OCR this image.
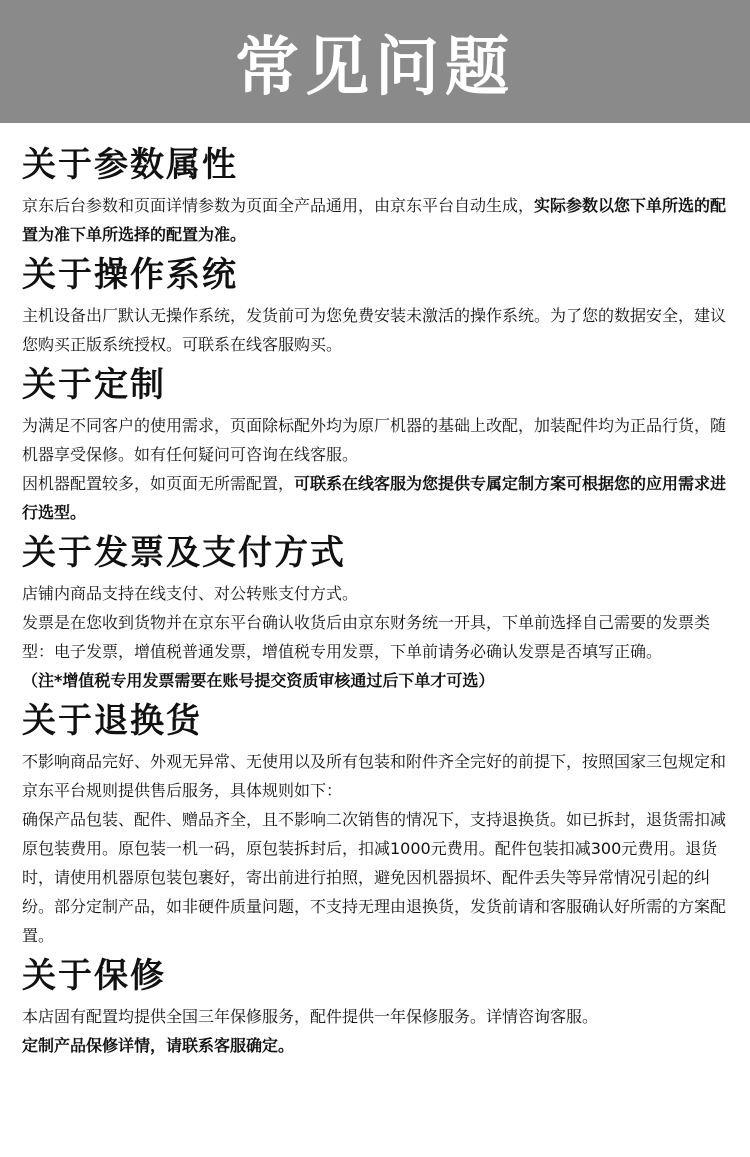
常见问题
关于参数属性

京东后台参数和页面详情参数为页面全产品通用，由京东平台自动生成，实际参数以您下单所选的配置为准下单所选择的配置为准。

关于操作系统

主机设备出厂默认无操作系统，发货前可为您免费安装未激活的操作系统。为了您的数据安全，建议您购买正版系统授权。可联系在线客服购买。

关于定制

为满足不同客户的使用需求，页面除标配外均为原厂机器的基础上改配，加装配件均为正品行货，随机器享受保修。如有任何疑问可咨询在线客服。

因机器配置较多，如页面无所需配置，可联系在线客服为您提供专属定制方案可根据您的应用需求进行选型。

关于发票及支付方式

店铺内商品支持在线支付、对公转账支付方式。

发票是在您收到货物并在京东平台确认收货后由京东财务统一开具，下单前选择自己需要的发票类型：电子发票，增值税普通发票，增值税专用发票，下单前请务必确认发票是否填写正确。

（注*增值税专用发票需要在账号提交资质审核通过后下单才可选）

关于退换货

不影响商品完好、外观无异常、无使用以及所有包装和附件齐全完好的前提下，按照国家三包规定和京东平台规则提供售后服务，具体规则如下：

确保产品包装、配件、赠品齐全，且不影响二次销售的情况下，支持退换货。如已拆封，退货需扣减原包装费用。原包装一机一码，原包装拆封后，扣减1000元费用。配件包装扣减300元费用。退货时，请使用机器原包装包裹好，寄出前进行拍照，避免因机器损坏、配件丢失等异常情况引起的纠纷。部分定制产品，如非硬件质量问题，不支持无理由退换货，发货前请和客服确认好所需的方案配置。

关于保修

本店固有配置均提供全国三年保修服务，配件提供一年保修服务。详情咨询客服。

定制产品保修详情，请联系客服确定。
